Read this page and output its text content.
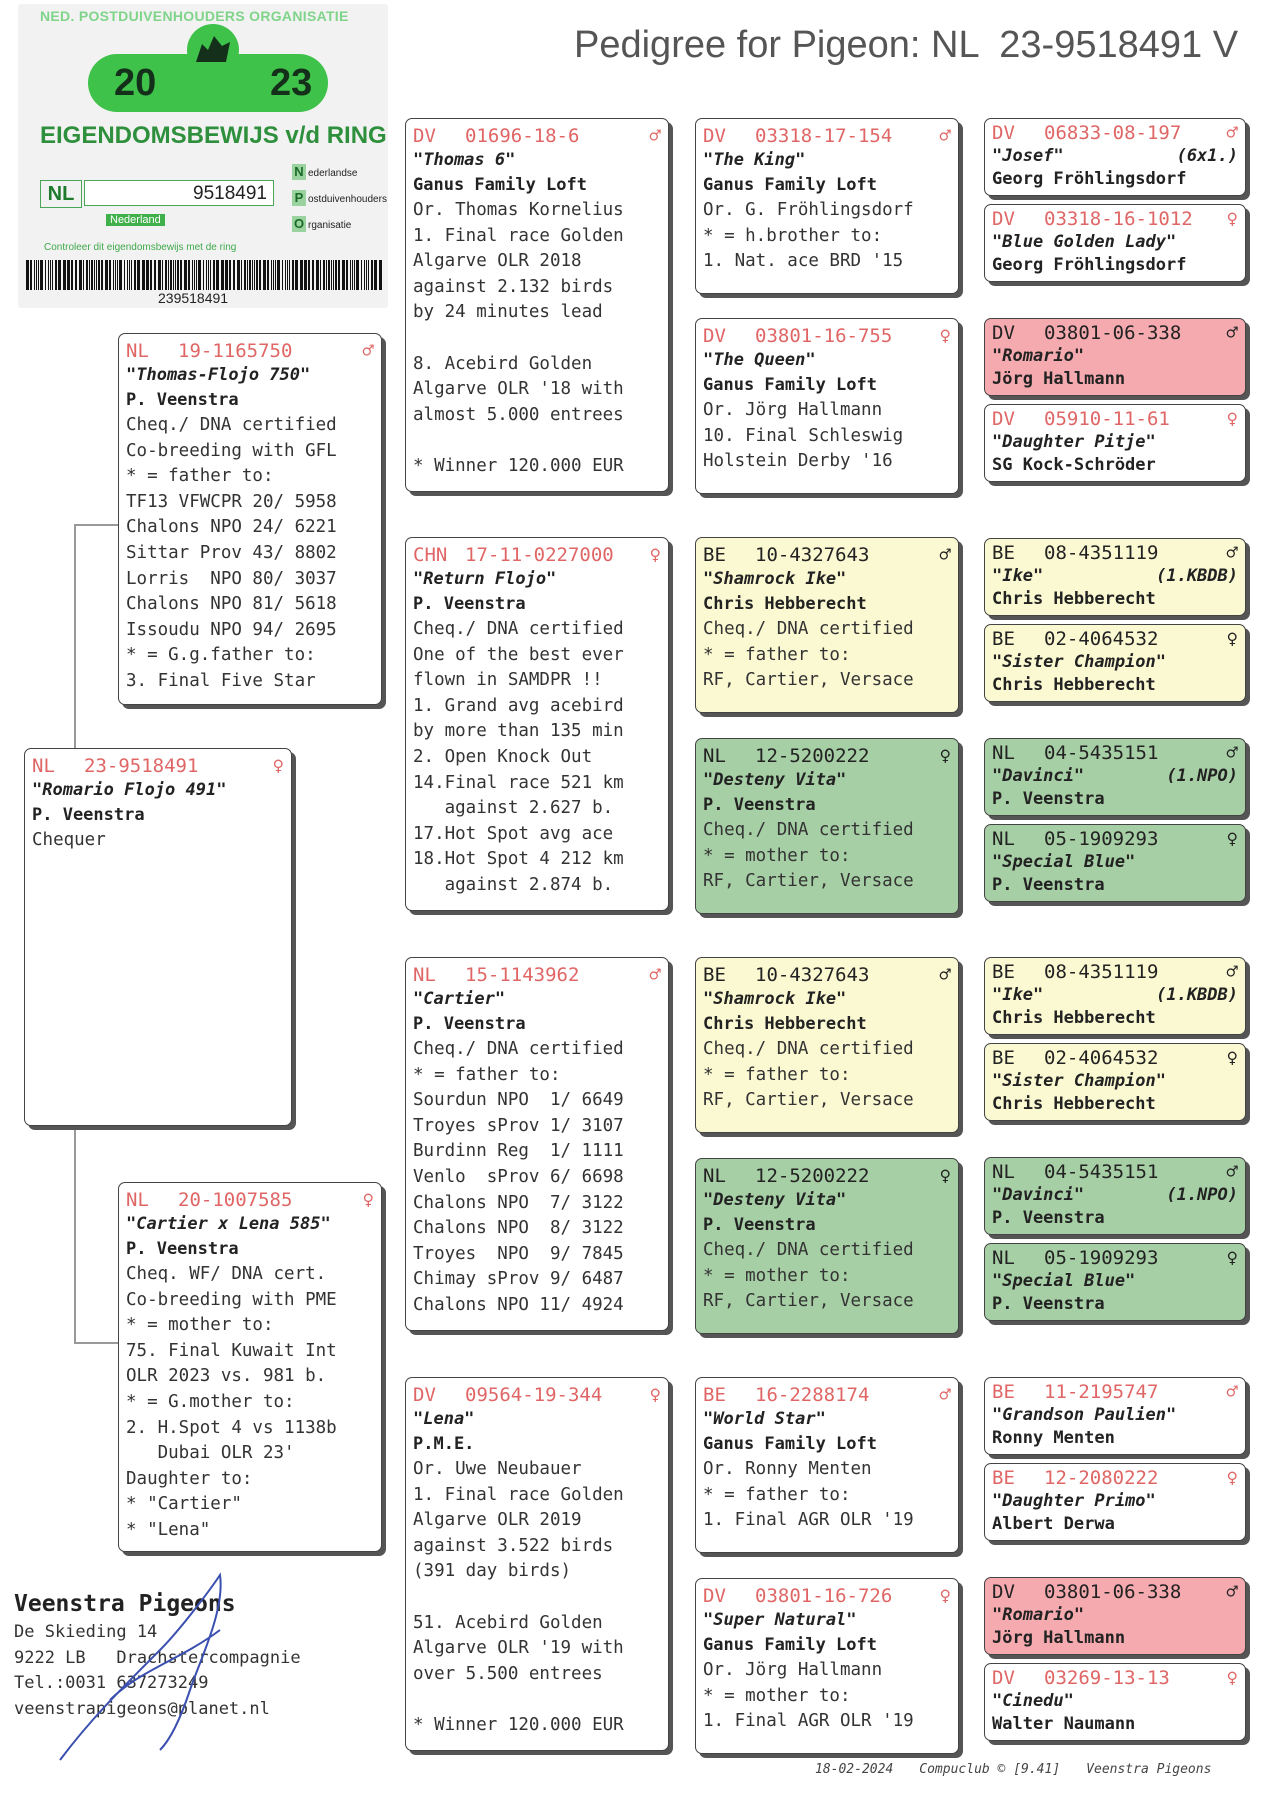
Pedigree for Pigeon: NL  23-9518491 V
NED. POSTDUIVENHOUDERS ORGANISATIE
20	23
EIGENDOMSBEWIJS v/d RING
NL	9518491
Nederland
N ederlandse
P ostduivenhouders
O rganisatie
Controleer dit eigendomsbewijs met de ring
239518491
NL	23-9518491	♀
"Romario Flojo 491"
P. Veenstra
Chequer
NL	19-1165750	♂
"Thomas-Flojo 750"
P. Veenstra
Cheq./ DNA certified
Co-breeding with GFL
* = father to:
TF13 VFWCPR 20/ 5958
Chalons NPO 24/ 6221
Sittar Prov 43/ 8802
Lorris  NPO 80/ 3037
Chalons NPO 81/ 5618
Issoudu NPO 94/ 2695
* = G.g.father to:
3. Final Five Star
NL	20-1007585	♀
"Cartier x Lena 585"
P. Veenstra
Cheq. WF/ DNA cert.
Co-breeding with PME
* = mother to:
75. Final Kuwait Int
OLR 2023 vs. 981 b.
* = G.mother to:
2. H.Spot 4 vs 1138b
Dubai OLR 23'
Daughter to:
* "Cartier"
* "Lena"
DV	01696-18-6	♂
"Thomas 6"
Ganus Family Loft
Or. Thomas Kornelius
1. Final race Golden
Algarve OLR 2018
against 2.132 birds
by 24 minutes lead

8. Acebird Golden
Algarve OLR '18 with
almost 5.000 entrees

* Winner 120.000 EUR
CHN 17-11-0227000	♀
"Return Flojo"
P. Veenstra
Cheq./ DNA certified
One of the best ever
flown in SAMDPR !!
1. Grand avg acebird
by more than 135 min
2. Open Knock Out
14.Final race 521 km
against 2.627 b.
17.Hot Spot avg ace
18.Hot Spot 4 212 km
against 2.874 b.
NL	15-1143962	♂
"Cartier"
P. Veenstra
Cheq./ DNA certified
* = father to:
Sourdun NPO  1/ 6649
Troyes sProv 1/ 3107
Burdinn Reg  1/ 1111
Venlo  sProv 6/ 6698
Chalons NPO  7/ 3122
Chalons NPO  8/ 3122
Troyes  NPO  9/ 7845
Chimay sProv 9/ 6487
Chalons NPO 11/ 4924
DV	09564-19-344	♀
"Lena"
P.M.E.
Or. Uwe Neubauer
1. Final race Golden
Algarve OLR 2019
against 3.522 birds
(391 day birds)

51. Acebird Golden
Algarve OLR '19 with
over 5.500 entrees

* Winner 120.000 EUR
DV	03318-17-154	♂
"The King"
Ganus Family Loft
Or. G. Fröhlingsdorf
* = h.brother to:
1. Nat. ace BRD '15
DV	03801-16-755	♀
"The Queen"
Ganus Family Loft
Or. Jörg Hallmann
10. Final Schleswig
Holstein Derby '16
BE	10-4327643	♂
"Shamrock Ike"
Chris Hebberecht
Cheq./ DNA certified
* = father to:
RF, Cartier, Versace
NL	12-5200222	♀
"Desteny Vita"
P. Veenstra
Cheq./ DNA certified
* = mother to:
RF, Cartier, Versace
BE	10-4327643	♂
"Shamrock Ike"
Chris Hebberecht
Cheq./ DNA certified
* = father to:
RF, Cartier, Versace
NL	12-5200222	♀
"Desteny Vita"
P. Veenstra
Cheq./ DNA certified
* = mother to:
RF, Cartier, Versace
BE	16-2288174	♂
"World Star"
Ganus Family Loft
Or. Ronny Menten
* = father to:
1. Final AGR OLR '19
DV	03801-16-726	♀
"Super Natural"
Ganus Family Loft
Or. Jörg Hallmann
* = mother to:
1. Final AGR OLR '19
DV	06833-08-197	♂
"Josef"	(6x1.)
Georg Fröhlingsdorf
DV	03318-16-1012	♀
"Blue Golden Lady"
Georg Fröhlingsdorf
DV	03801-06-338	♂
"Romario"
Jörg Hallmann
DV	05910-11-61	♀
"Daughter Pitje"
SG Kock-Schröder
BE	08-4351119	♂
"Ike"	(1.KBDB)
Chris Hebberecht
BE	02-4064532	♀
"Sister Champion"
Chris Hebberecht
NL	04-5435151	♂
"Davinci"	(1.NPO)
P. Veenstra
NL	05-1909293	♀
"Special Blue"
P. Veenstra
BE	08-4351119	♂
"Ike"	(1.KBDB)
Chris Hebberecht
BE	02-4064532	♀
"Sister Champion"
Chris Hebberecht
NL	04-5435151	♂
"Davinci"	(1.NPO)
P. Veenstra
NL	05-1909293	♀
"Special Blue"
P. Veenstra
BE	11-2195747	♂
"Grandson Paulien"
Ronny Menten
BE	12-2080222	♀
"Daughter Primo"
Albert Derwa
DV	03801-06-338	♂
"Romario"
Jörg Hallmann
DV	03269-13-13	♀
"Cinedu"
Walter Naumann
Veenstra Pigeons
De Skieding 14
9222 LB   Drachstercompagnie
Tel.:0031 637273249
veenstrapigeons@planet.nl
18-02-2024 Compuclub © [9.41] Veenstra Pigeons
